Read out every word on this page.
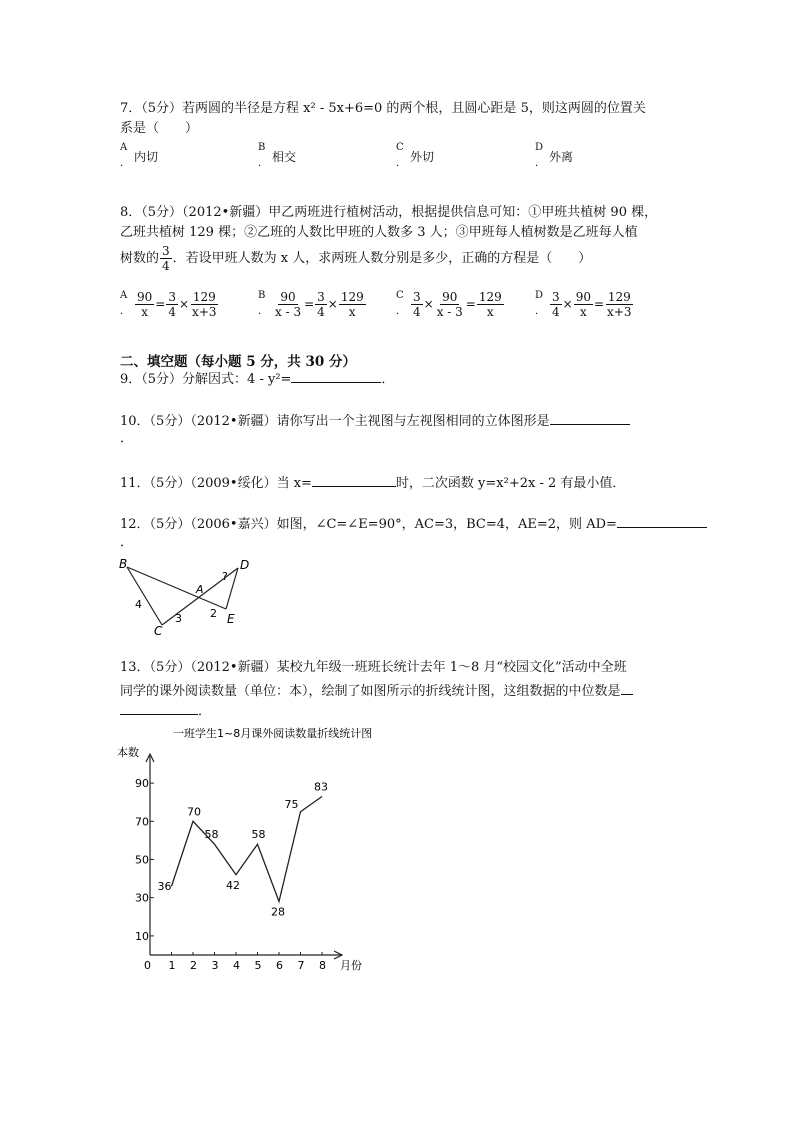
7．（5分）若两圆的半径是方程 x² - 5x+6=0 的两个根，且圆心距是 5，则这两圆的位置关
系是（　　）
A
． 内切
B
． 相交
C
． 外切
D
． 外离
8．（5分）（2012•新疆）甲乙两班进行植树活动，根据提供信息可知：①甲班共植树 90 棵，
乙班共植树 129 棵；②乙班的人数比甲班的人数多 3 人；③甲班每人植树数是乙班每人植
树数的 $\frac{3}{4}$ ．若设甲班人数为 x 人，求两班人数分别是多少，正确的方程是（　　）
A
． $\frac{90}{x} = \frac{3}{4} \times \frac{129}{x+3}$	B
． $\frac{90}{x - 3} = \frac{3}{4} \times \frac{129}{x}$	C
． $\frac{3}{4} \times \frac{90}{x - 3} = \frac{129}{x}$	D
． $\frac{3}{4} \times \frac{90}{x} = \frac{129}{x+3}$
二、填空题（每小题 5 分，共 30 分）
9．（5分）分解因式：4 - y²=	．
10．（5分）（2012•新疆）请你写出一个主视图与左视图相同的立体图形是
．
11．（5分）（2009•绥化）当 x=	时，二次函数 y=x²+2x - 2 有最小值．
12．（5分）（2006•嘉兴）如图，∠C=∠E=90°，AC=3，BC=4，AE=2，则 AD=
．
B	D
A
C
E
4
3	2
?
13．（5分）（2012•新疆）某校九年级一班班长统计去年 1～8 月“校园文化”活动中全班
同学的课外阅读数量（单位：本），绘制了如图所示的折线统计图，这组数据的中位数是
．
一班学生1~8月课外阅读数量折线统计图
本数
月份
0 1 2 3 4 5 6 7 8
10
30
50
70
90
36
70
58
42
58
28
75
83
